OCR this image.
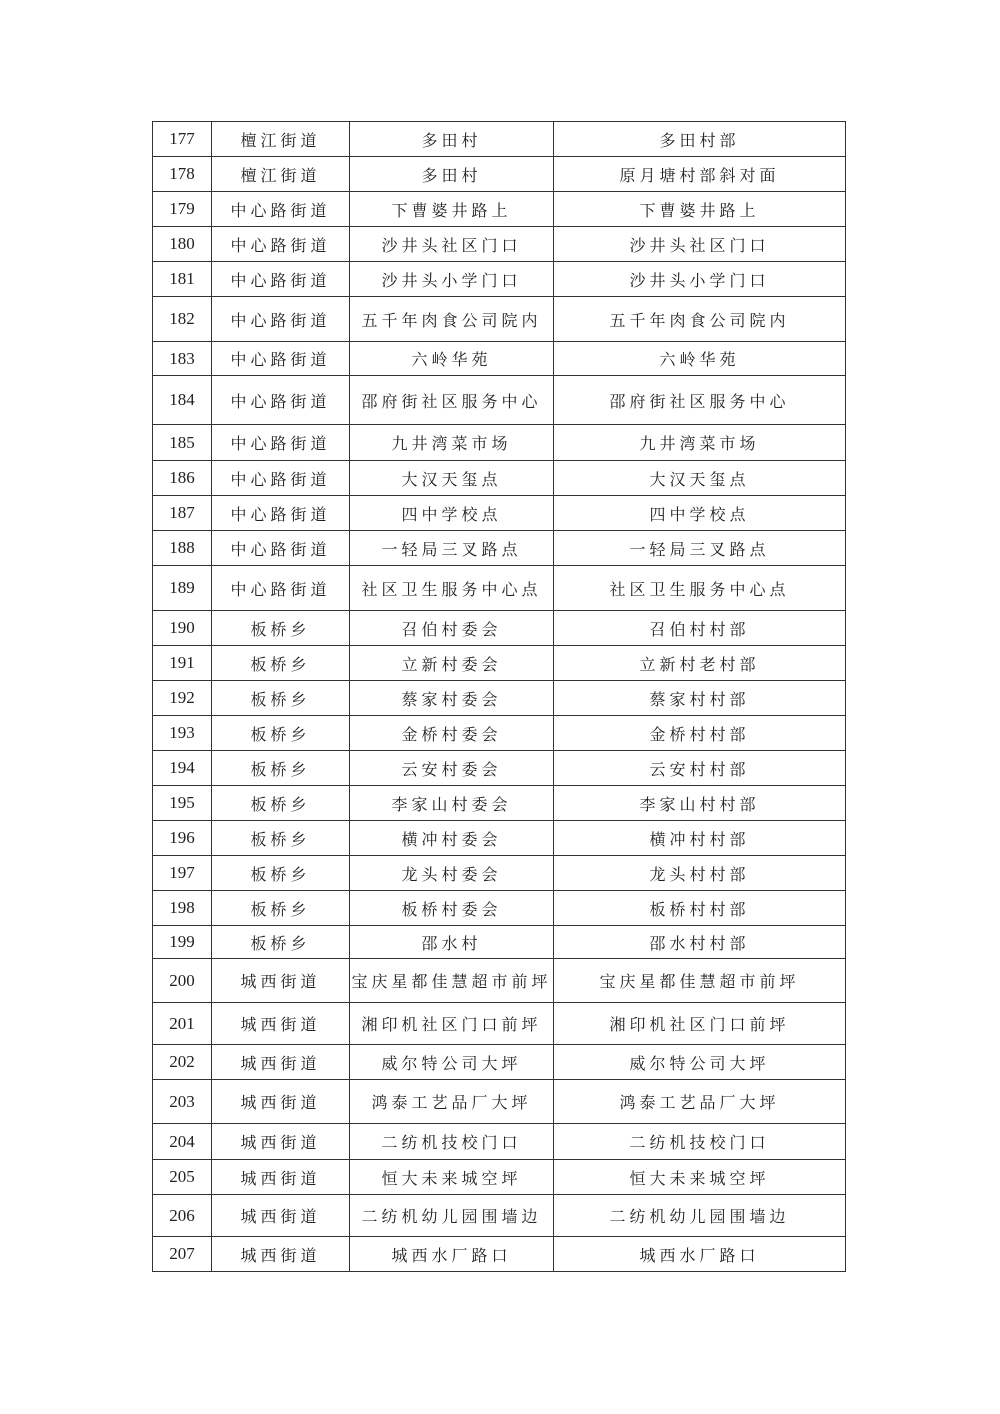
177	檀江街道	多田村	多田村部
178	檀江街道	多田村	原月塘村部斜对面
179	中心路街道	下曹婆井路上	下曹婆井路上
180	中心路街道	沙井头社区门口	沙井头社区门口
181	中心路街道	沙井头小学门口	沙井头小学门口
182	中心路街道	五千年肉食公司院内	五千年肉食公司院内
183	中心路街道	六岭华苑	六岭华苑
184	中心路街道	邵府街社区服务中心	邵府街社区服务中心
185	中心路街道	九井湾菜市场	九井湾菜市场
186	中心路街道	大汉天玺点	大汉天玺点
187	中心路街道	四中学校点	四中学校点
188	中心路街道	一轻局三叉路点	一轻局三叉路点
189	中心路街道	社区卫生服务中心点	社区卫生服务中心点
190	板桥乡	召伯村委会	召伯村村部
191	板桥乡	立新村委会	立新村老村部
192	板桥乡	蔡家村委会	蔡家村村部
193	板桥乡	金桥村委会	金桥村村部
194	板桥乡	云安村委会	云安村村部
195	板桥乡	李家山村委会	李家山村村部
196	板桥乡	横冲村委会	横冲村村部
197	板桥乡	龙头村委会	龙头村村部
198	板桥乡	板桥村委会	板桥村村部
199	板桥乡	邵水村	邵水村村部
200	城西街道	宝庆星都佳慧超市前坪	宝庆星都佳慧超市前坪
201	城西街道	湘印机社区门口前坪	湘印机社区门口前坪
202	城西街道	威尔特公司大坪	威尔特公司大坪
203	城西街道	鸿泰工艺品厂大坪	鸿泰工艺品厂大坪
204	城西街道	二纺机技校门口	二纺机技校门口
205	城西街道	恒大未来城空坪	恒大未来城空坪
206	城西街道	二纺机幼儿园围墙边	二纺机幼儿园围墙边
207	城西街道	城西水厂路口	城西水厂路口
